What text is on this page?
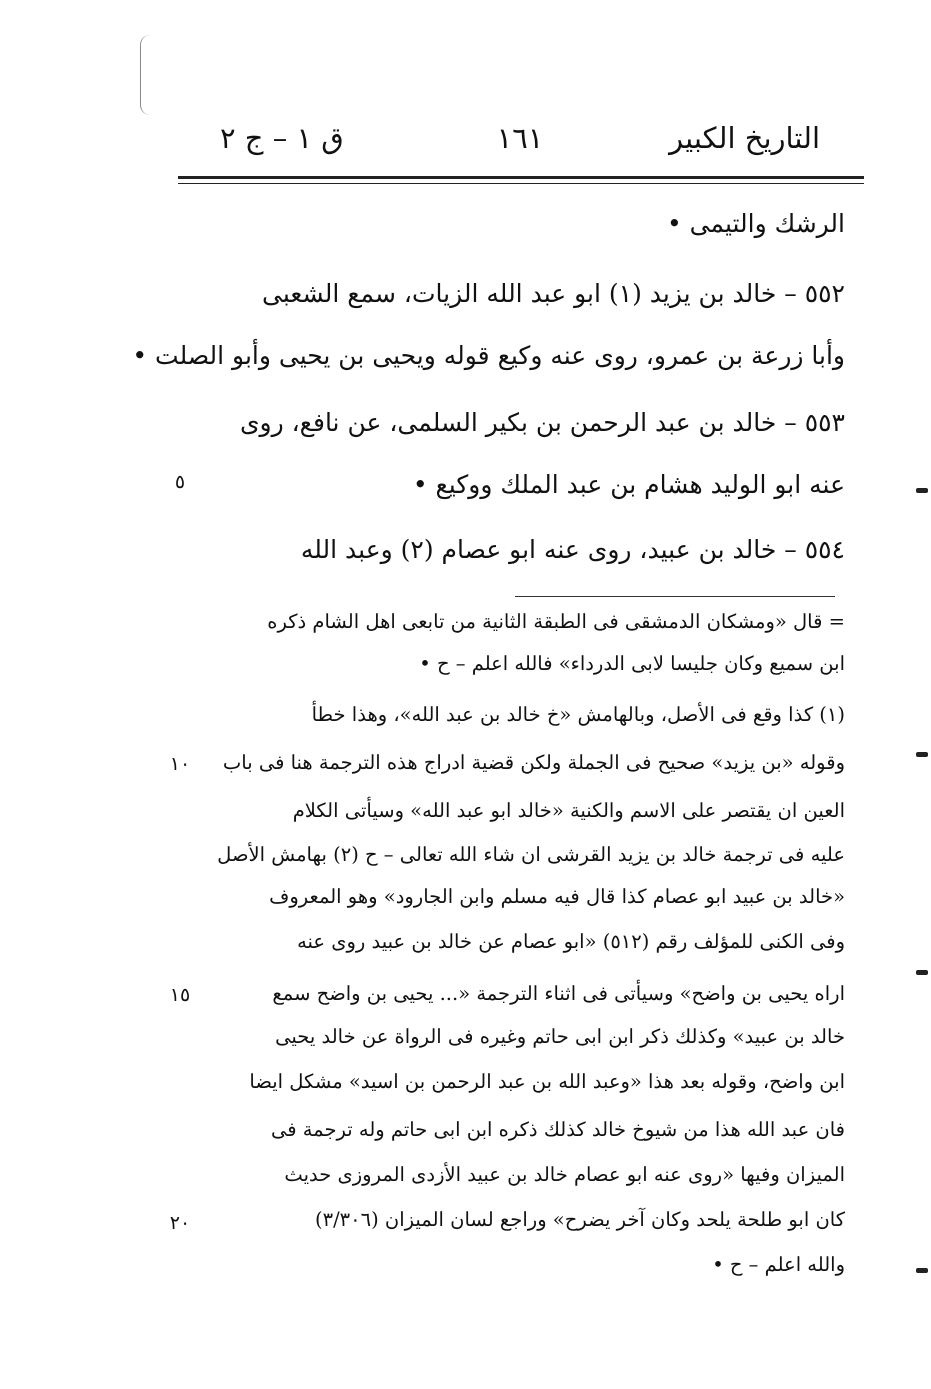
التاريخ الكبير
١٦١
ق ١ – ج ٢
الرشك والتيمى •
٥٥٢ – خالد بن يزيد (١) ابو عبد الله الزيات، سمع الشعبى
وأبا زرعة بن عمرو، روى عنه وكيع قوله ويحيى بن يحيى وأبو الصلت •
٥٥٣ – خالد بن عبد الرحمن بن بكير السلمى، عن نافع، روى
عنه ابو الوليد هشام بن عبد الملك ووكيع •
٥٥٤ – خالد بن عبيد، روى عنه ابو عصام (٢) وعبد الله
= قال «ومشكان الدمشقى فى الطبقة الثانية من تابعى اهل الشام ذكره
ابن سميع وكان جليسا لابى الدرداء» فالله اعلم – ح •
(١) كذا وقع فى الأصل، وبالهامش «خ خالد بن عبد الله»، وهذا خطأ
وقوله «بن يزيد» صحيح فى الجملة ولكن قضية ادراج هذه الترجمة هنا فى باب
العين ان يقتصر على الاسم والكنية «خالد ابو عبد الله» وسيأتى الكلام
عليه فى ترجمة خالد بن يزيد القرشى ان شاء الله تعالى – ح (٢) بهامش الأصل
«خالد بن عبيد ابو عصام كذا قال فيه مسلم وابن الجارود» وهو المعروف
وفى الكنى للمؤلف رقم (٥١٢) «ابو عصام عن خالد بن عبيد روى عنه
اراه يحيى بن واضح» وسيأتى فى اثناء الترجمة «... يحيى بن واضح سمع
خالد بن عبيد» وكذلك ذكر ابن ابى حاتم وغيره فى الرواة عن خالد يحيى
ابن واضح، وقوله بعد هذا «وعبد الله بن عبد الرحمن بن اسيد» مشكل ايضا
فان عبد الله هذا من شيوخ خالد كذلك ذكره ابن ابى حاتم وله ترجمة فى
الميزان وفيها «روى عنه ابو عصام خالد بن عبيد الأزدى المروزى حديث
كان ابو طلحة يلحد وكان آخر يضرح» وراجع لسان الميزان (٣/٣٠٦)
والله اعلم – ح •
٥
١٠
١٥
٢٠
